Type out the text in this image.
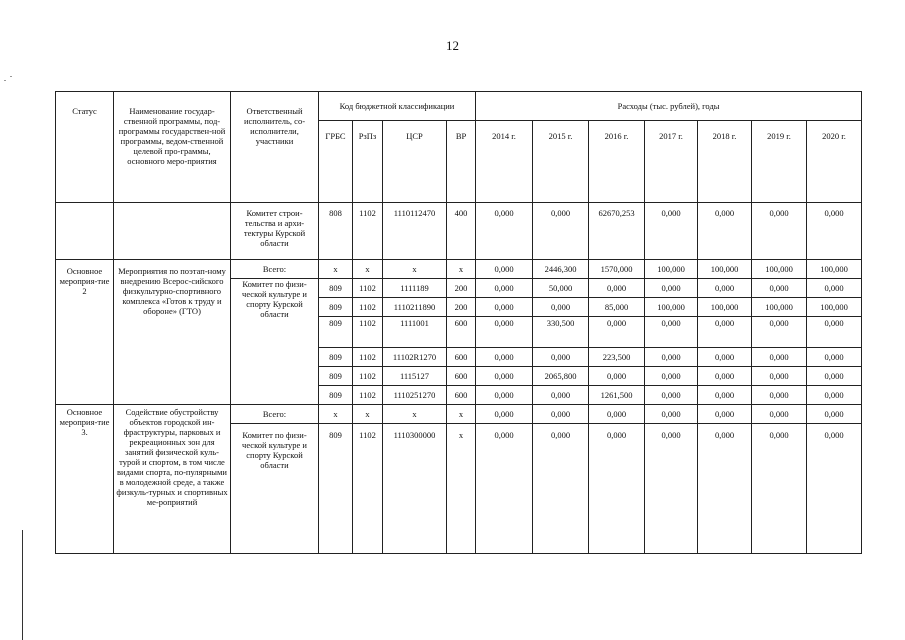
12
Статус	Наименование государ-ственной программы, под-программы государствен-ной программы, ведом-ственной целевой про-граммы, основного меро-приятия	Ответственный исполнитель, со-исполнители, участники	Код бюджетной классификации				Расходы (тыс. рублей), годы						
			ГРБС	РзПз	ЦСР	ВР	2014 г.	2015 г.	2016 г.	2017 г.	2018 г.	2019 г.	2020 г.
		Комитет строи-тельства и архи-тектуры Курской области	808	1102	1110112470	400	0,000	0,000	62670,253	0,000	0,000	0,000	0,000
Основное мероприя-тие 2	Мероприятия по поэтап-ному внедрению Всерос-сийского физкультурно-спортивного комплекса «Готов к труду и обороне» (ГТО)	Всего:	х	х	х	х	0,000	2446,300	1570,000	100,000	100,000	100,000	100,000
		Комитет по физи-ческой культуре и спорту Курской области	809	1102	1111189	200	0,000	50,000	0,000	0,000	0,000	0,000	0,000
			809	1102	1110211890	200	0,000	0,000	85,000	100,000	100,000	100,000	100,000
			809	1102	1111001	600	0,000	330,500	0,000	0,000	0,000	0,000	0,000
			809	1102	11102R1270	600	0,000	0,000	223,500	0,000	0,000	0,000	0,000
			809	1102	1115127	600	0,000	2065,800	0,000	0,000	0,000	0,000	0,000
			809	1102	1110251270	600	0,000	0,000	1261,500	0,000	0,000	0,000	0,000
Основное мероприя-тие 3.	Содействие обустройству объектов городской ин-фраструктуры, парковых и рекреационных зон для занятий физической куль-турой и спортом, в том числе видами спорта, по-пулярными в молодежной среде, а также физкуль-турных и спортивных ме-роприятий	Всего:	х	х	х	х	0,000	0,000	0,000	0,000	0,000	0,000	0,000
		Комитет по физи-ческой культуре и спорту Курской области	809	1102	1110300000	х	0,000	0,000	0,000	0,000	0,000	0,000	0,000
